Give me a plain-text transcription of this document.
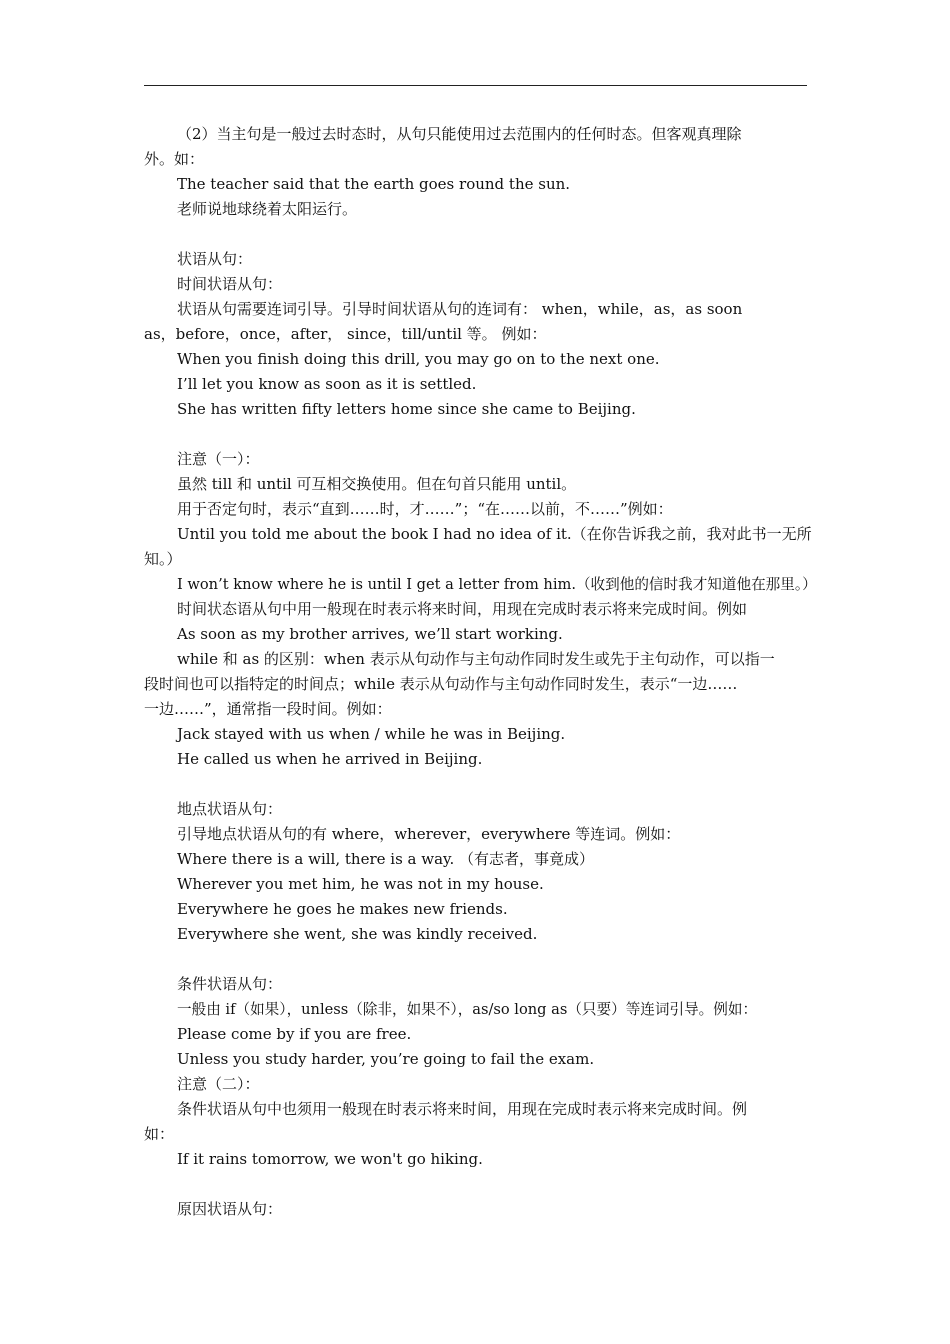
（2）当主句是一般过去时态时，从句只能使用过去范围内的任何时态。但客观真理除
外。如：
The teacher said that the earth goes round the sun.
老师说地球绕着太阳运行。
状语从句：
时间状语从句：
状语从句需要连词引导。引导时间状语从句的连词有： when，while，as，as soon
as，before，once，after， since，till/until 等。 例如：
When you finish doing this drill, you may go on to the next one.
I’ll let you know as soon as it is settled.
She has written fifty letters home since she came to Beijing.
注意（一）：
虽然 till 和 until 可互相交换使用。但在句首只能用 until。
用于否定句时，表示“直到……时，才……”；“在……以前，不……”例如：
Until you told me about the book I had no idea of it.（在你告诉我之前，我对此书一无所
知。）
I won’t know where he is until I get a letter from him.（收到他的信时我才知道他在那里。）
时间状态语从句中用一般现在时表示将来时间，用现在完成时表示将来完成时间。例如
As soon as my brother arrives, we’ll start working.
while 和 as 的区别：when 表示从句动作与主句动作同时发生或先于主句动作，可以指一
段时间也可以指特定的时间点；while 表示从句动作与主句动作同时发生，表示“一边……
一边……”，通常指一段时间。例如：
Jack stayed with us when / while he was in Beijing.
He called us when he arrived in Beijing.
地点状语从句：
引导地点状语从句的有 where，wherever，everywhere 等连词。例如：
Where there is a will, there is a way. （有志者，事竟成）
Wherever you met him, he was not in my house.
Everywhere he goes he makes new friends.
Everywhere she went, she was kindly received.
条件状语从句：
一般由 if（如果），unless（除非，如果不），as/so long as（只要）等连词引导。例如：
Please come by if you are free.
Unless you study harder, you’re going to fail the exam.
注意（二）：
条件状语从句中也须用一般现在时表示将来时间，用现在完成时表示将来完成时间。例
如：
If it rains tomorrow, we won't go hiking.
原因状语从句：
